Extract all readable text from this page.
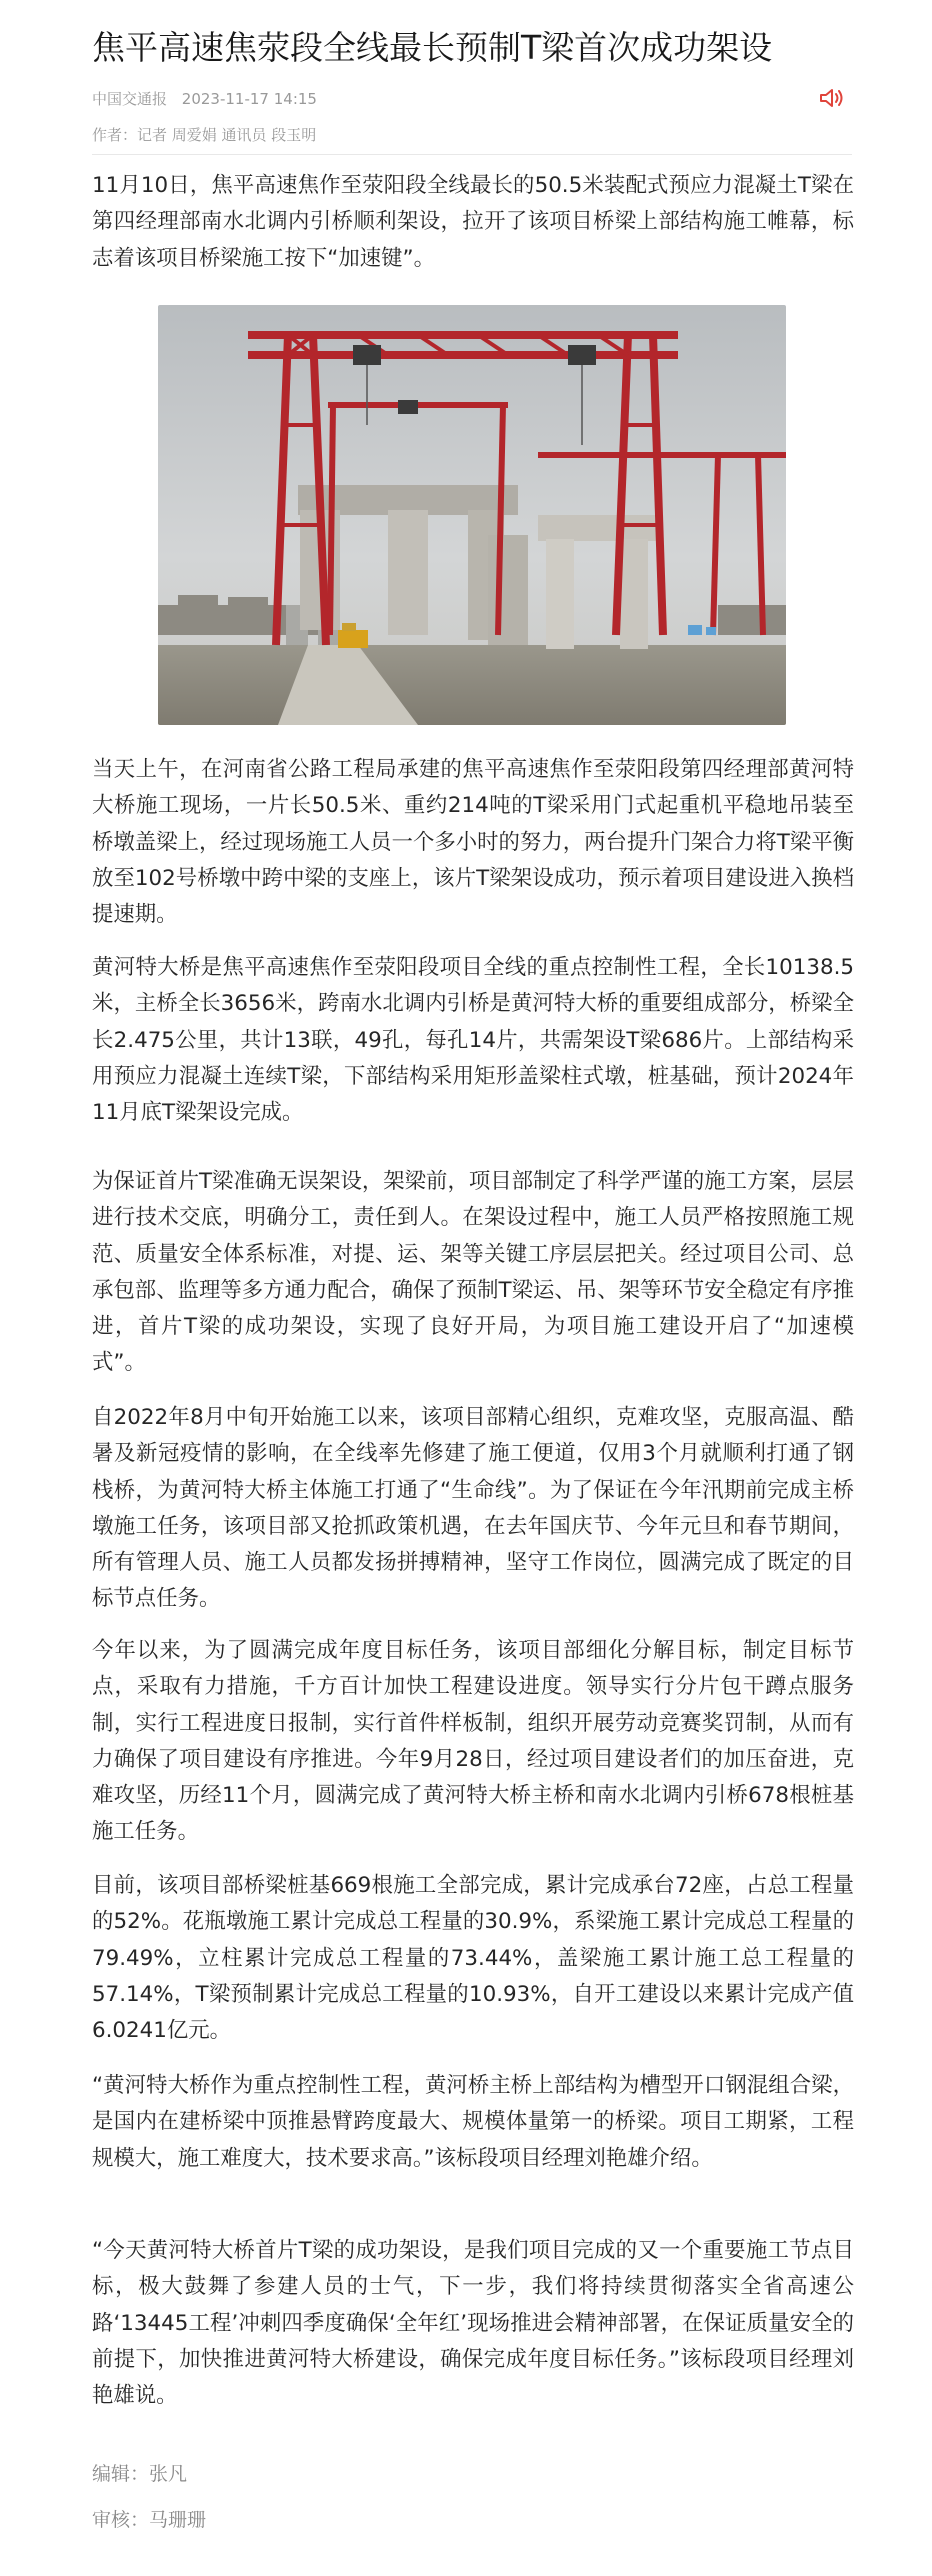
焦平高速焦荥段全线最长预制T梁首次成功架设
中国交通报 2023-11-17 14:15
作者：记者 周爱娟 通讯员 段玉明

11月10日，焦平高速焦作至荥阳段全线最长的50.5米装配式预应力混凝土T梁在第四经理部南水北调内引桥顺利架设，拉开了该项目桥梁上部结构施工帷幕，标志着该项目桥梁施工按下“加速键”。

当天上午，在河南省公路工程局承建的焦平高速焦作至荥阳段第四经理部黄河特大桥施工现场，一片长50.5米、重约214吨的T梁采用门式起重机平稳地吊装至桥墩盖梁上，经过现场施工人员一个多小时的努力，两台提升门架合力将T梁平衡放至102号桥墩中跨中梁的支座上，该片T梁架设成功，预示着项目建设进入换档提速期。

黄河特大桥是焦平高速焦作至荥阳段项目全线的重点控制性工程，全长10138.5米，主桥全长3656米，跨南水北调内引桥是黄河特大桥的重要组成部分，桥梁全长2.475公里，共计13联，49孔，每孔14片，共需架设T梁686片。上部结构采用预应力混凝土连续T梁，下部结构采用矩形盖梁柱式墩，桩基础，预计2024年11月底T梁架设完成。

为保证首片T梁准确无误架设，架梁前，项目部制定了科学严谨的施工方案，层层进行技术交底，明确分工，责任到人。在架设过程中，施工人员严格按照施工规范、质量安全体系标准，对提、运、架等关键工序层层把关。经过项目公司、总承包部、监理等多方通力配合，确保了预制T梁运、吊、架等环节安全稳定有序推进，首片T梁的成功架设，实现了良好开局，为项目施工建设开启了“加速模式”。

自2022年8月中旬开始施工以来，该项目部精心组织，克难攻坚，克服高温、酷暑及新冠疫情的影响，在全线率先修建了施工便道，仅用3个月就顺利打通了钢栈桥，为黄河特大桥主体施工打通了“生命线”。为了保证在今年汛期前完成主桥墩施工任务，该项目部又抢抓政策机遇，在去年国庆节、今年元旦和春节期间，所有管理人员、施工人员都发扬拼搏精神，坚守工作岗位，圆满完成了既定的目标节点任务。

今年以来，为了圆满完成年度目标任务，该项目部细化分解目标，制定目标节点，采取有力措施，千方百计加快工程建设进度。领导实行分片包干蹲点服务制，实行工程进度日报制，实行首件样板制，组织开展劳动竞赛奖罚制，从而有力确保了项目建设有序推进。今年9月28日，经过项目建设者们的加压奋进，克难攻坚，历经11个月，圆满完成了黄河特大桥主桥和南水北调内引桥678根桩基施工任务。

目前，该项目部桥梁桩基669根施工全部完成，累计完成承台72座，占总工程量的52%。花瓶墩施工累计完成总工程量的30.9%，系梁施工累计完成总工程量的79.49%，立柱累计完成总工程量的73.44%，盖梁施工累计施工总工程量的57.14%，T梁预制累计完成总工程量的10.93%，自开工建设以来累计完成产值6.0241亿元。

“黄河特大桥作为重点控制性工程，黄河桥主桥上部结构为槽型开口钢混组合梁，是国内在建桥梁中顶推悬臂跨度最大、规模体量第一的桥梁。项目工期紧，工程规模大，施工难度大，技术要求高。”该标段项目经理刘艳雄介绍。

“今天黄河特大桥首片T梁的成功架设，是我们项目完成的又一个重要施工节点目标，极大鼓舞了参建人员的士气，下一步，我们将持续贯彻落实全省高速公路‘13445工程’冲刺四季度确保‘全年红’现场推进会精神部署，在保证质量安全的前提下，加快推进黄河特大桥建设，确保完成年度目标任务。”该标段项目经理刘艳雄说。

编辑：张凡
审核：马珊珊
